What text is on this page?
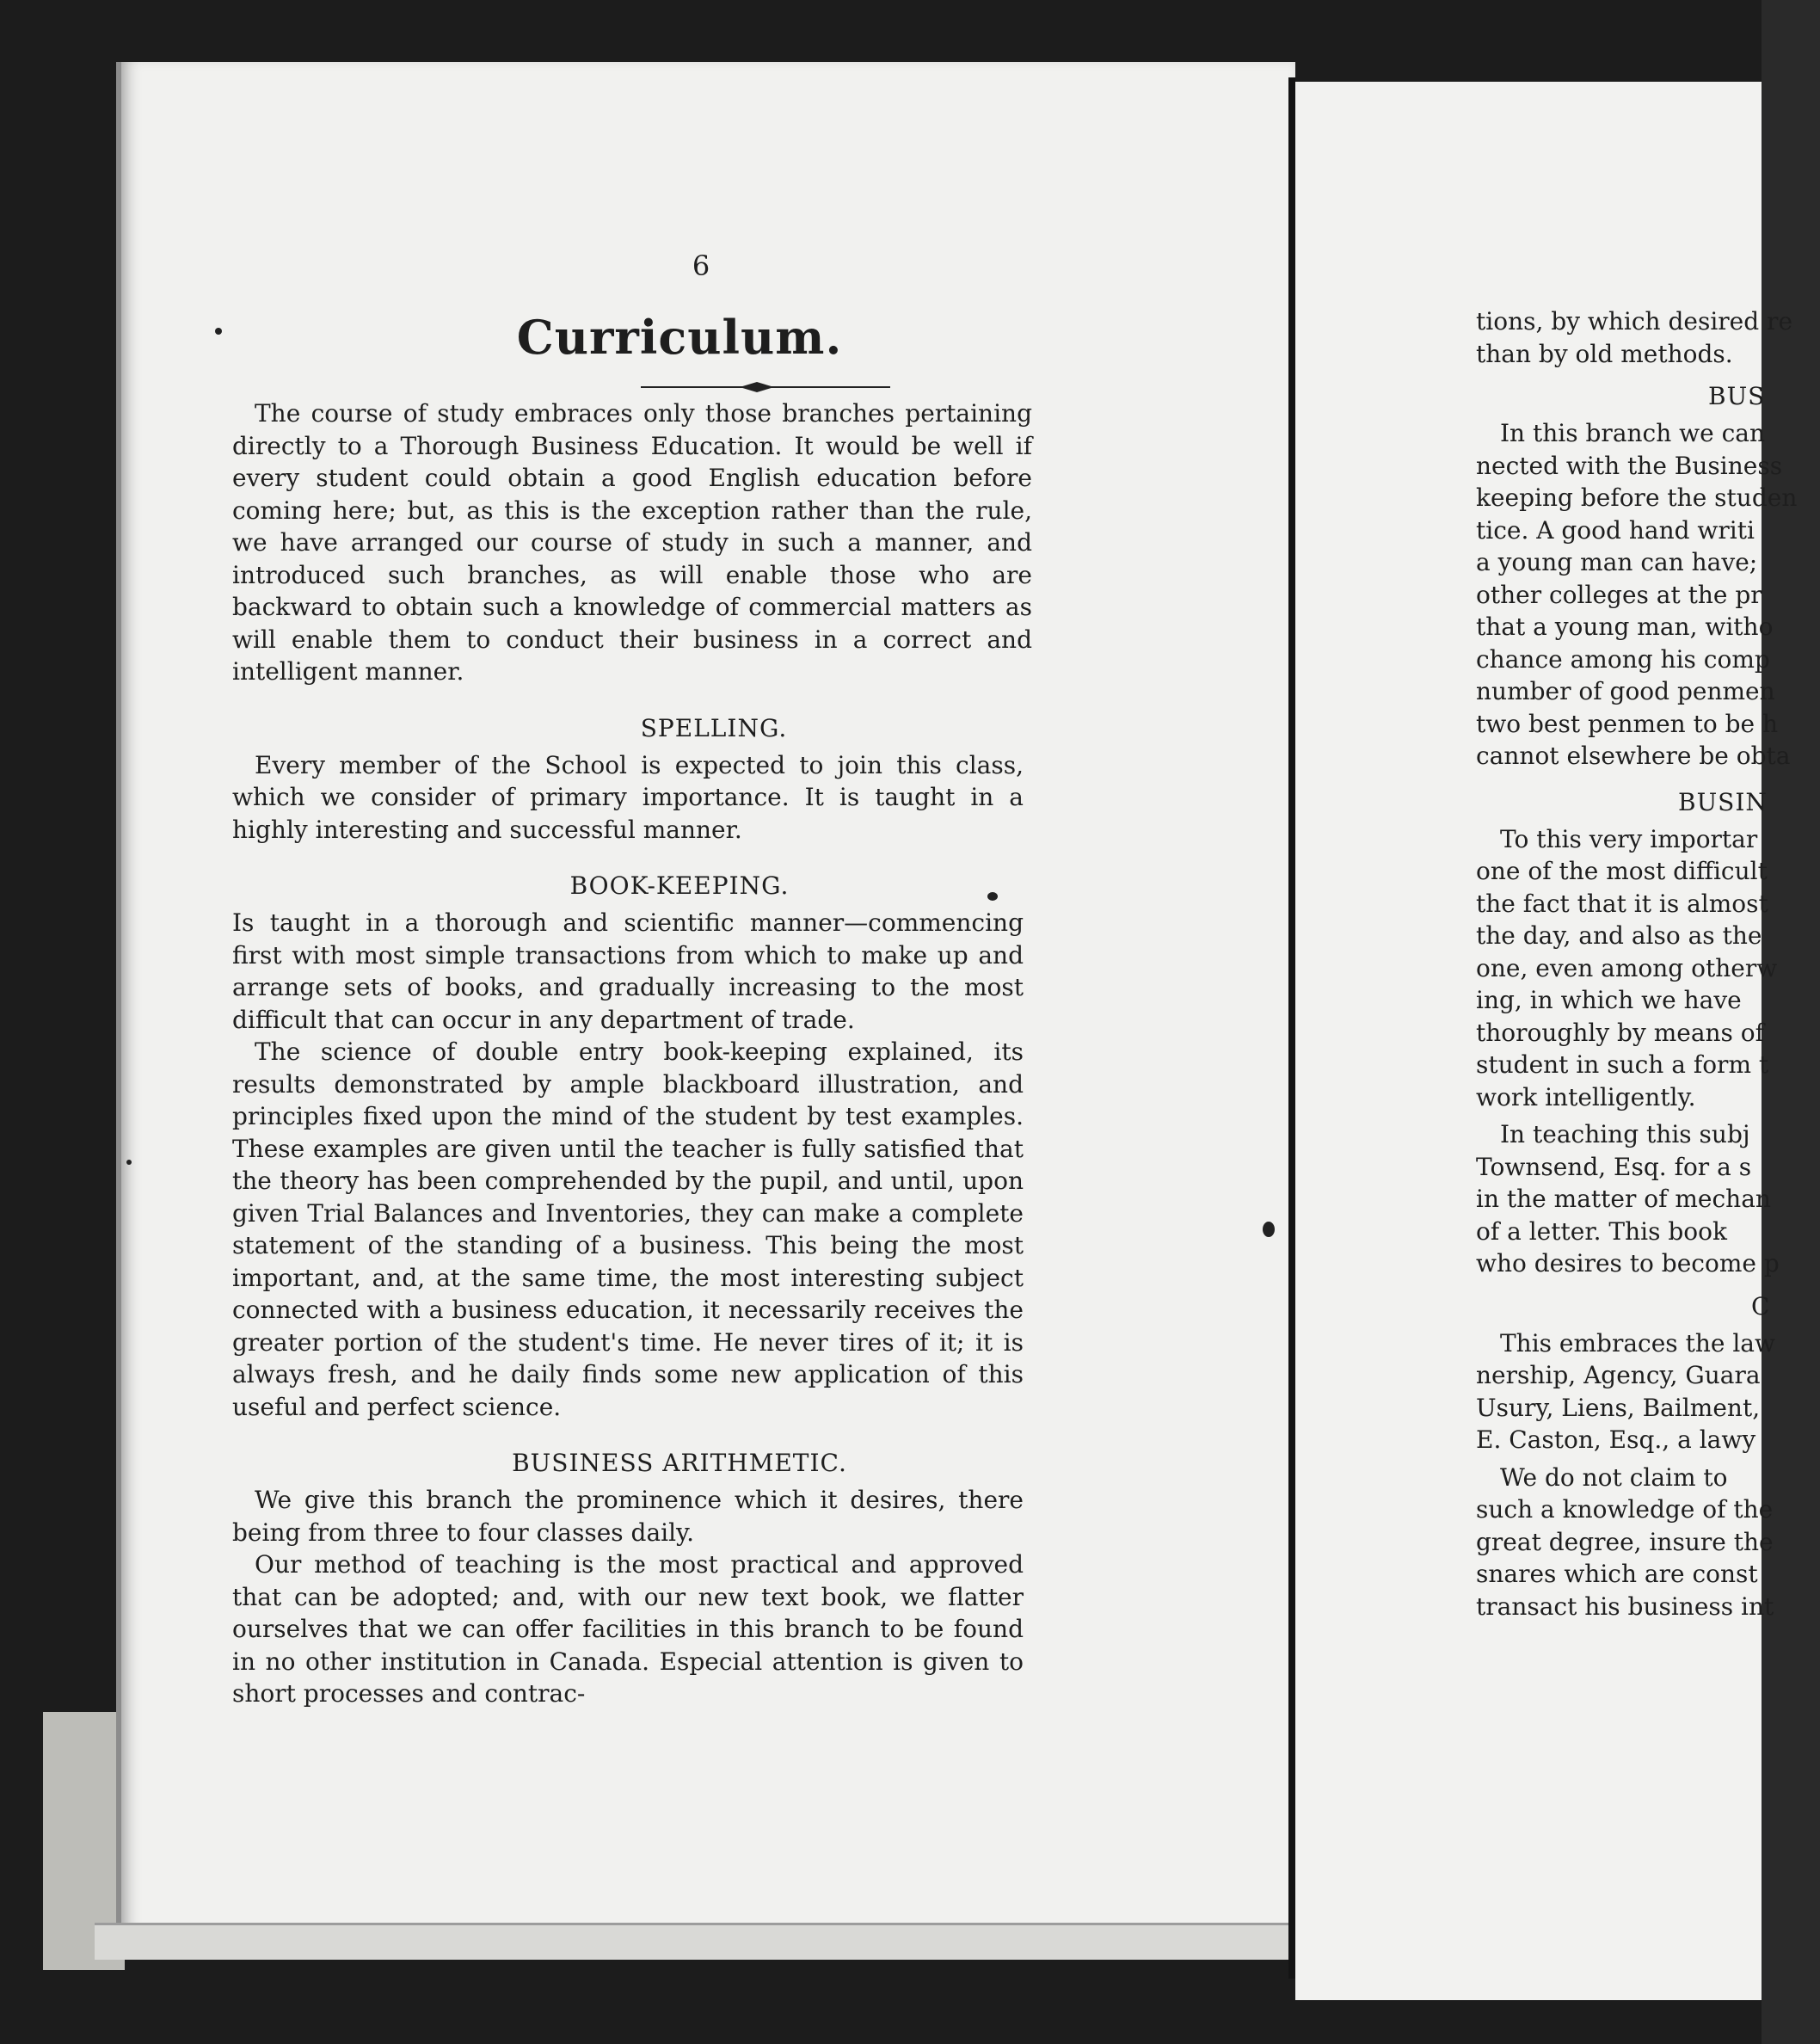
6
Curriculum.

The course of study embraces only those branches pertaining directly to a Thorough Business Education. It would be well if every student could obtain a good English education before coming here; but, as this is the exception rather than the rule, we have arranged our course of study in such a manner, and introduced such branches, as will enable those who are backward to obtain such a knowledge of commercial matters as will enable them to conduct their business in a correct and intelligent manner.

SPELLING.

Every member of the School is expected to join this class, which we consider of primary importance. It is taught in a highly interesting and successful manner.

BOOK-KEEPING.

Is taught in a thorough and scientific manner—commencing first with most simple transactions from which to make up and arrange sets of books, and gradually increasing to the most difficult that can occur in any department of trade.

The science of double entry book-keeping explained, its results demonstrated by ample blackboard illustration, and principles fixed upon the mind of the student by test examples. These examples are given until the teacher is fully satisfied that the theory has been comprehended by the pupil, and until, upon given Trial Balances and Inventories, they can make a complete statement of the standing of a business. This being the most important, and, at the same time, the most interesting subject connected with a business education, it necessarily receives the greater portion of the student's time. He never tires of it; it is always fresh, and he daily finds some new application of this useful and perfect science.

BUSINESS ARITHMETIC.

We give this branch the prominence which it desires, there being from three to four classes daily.

Our method of teaching is the most practical and approved that can be adopted; and, with our new text book, we flatter ourselves that we can offer facilities in this branch to be found in no other institution in Canada. Especial attention is given to short processes and contrac-

tions, by which desired re
than by old methods.
BUS
In this branch we can
nected with the Business
keeping before the studen
tice. A good hand writi
a young man can have;
other colleges at the pr
that a young man, witho
chance among his comp
number of good penmen
two best penmen to be h
cannot elsewhere be obta
BUSIN
To this very importar
one of the most difficult
the fact that it is almost
the day, and also as the
one, even among otherw
ing, in which we have
thoroughly by means of
student in such a form t
work intelligently.
In teaching this subj
Townsend, Esq. for a s
in the matter of mechan
of a letter. This book
who desires to become p
C
This embraces the law
nership, Agency, Guara
Usury, Liens, Bailment,
E. Caston, Esq., a lawy
We do not claim to
such a knowledge of the
great degree, insure the
snares which are const
transact his business int
